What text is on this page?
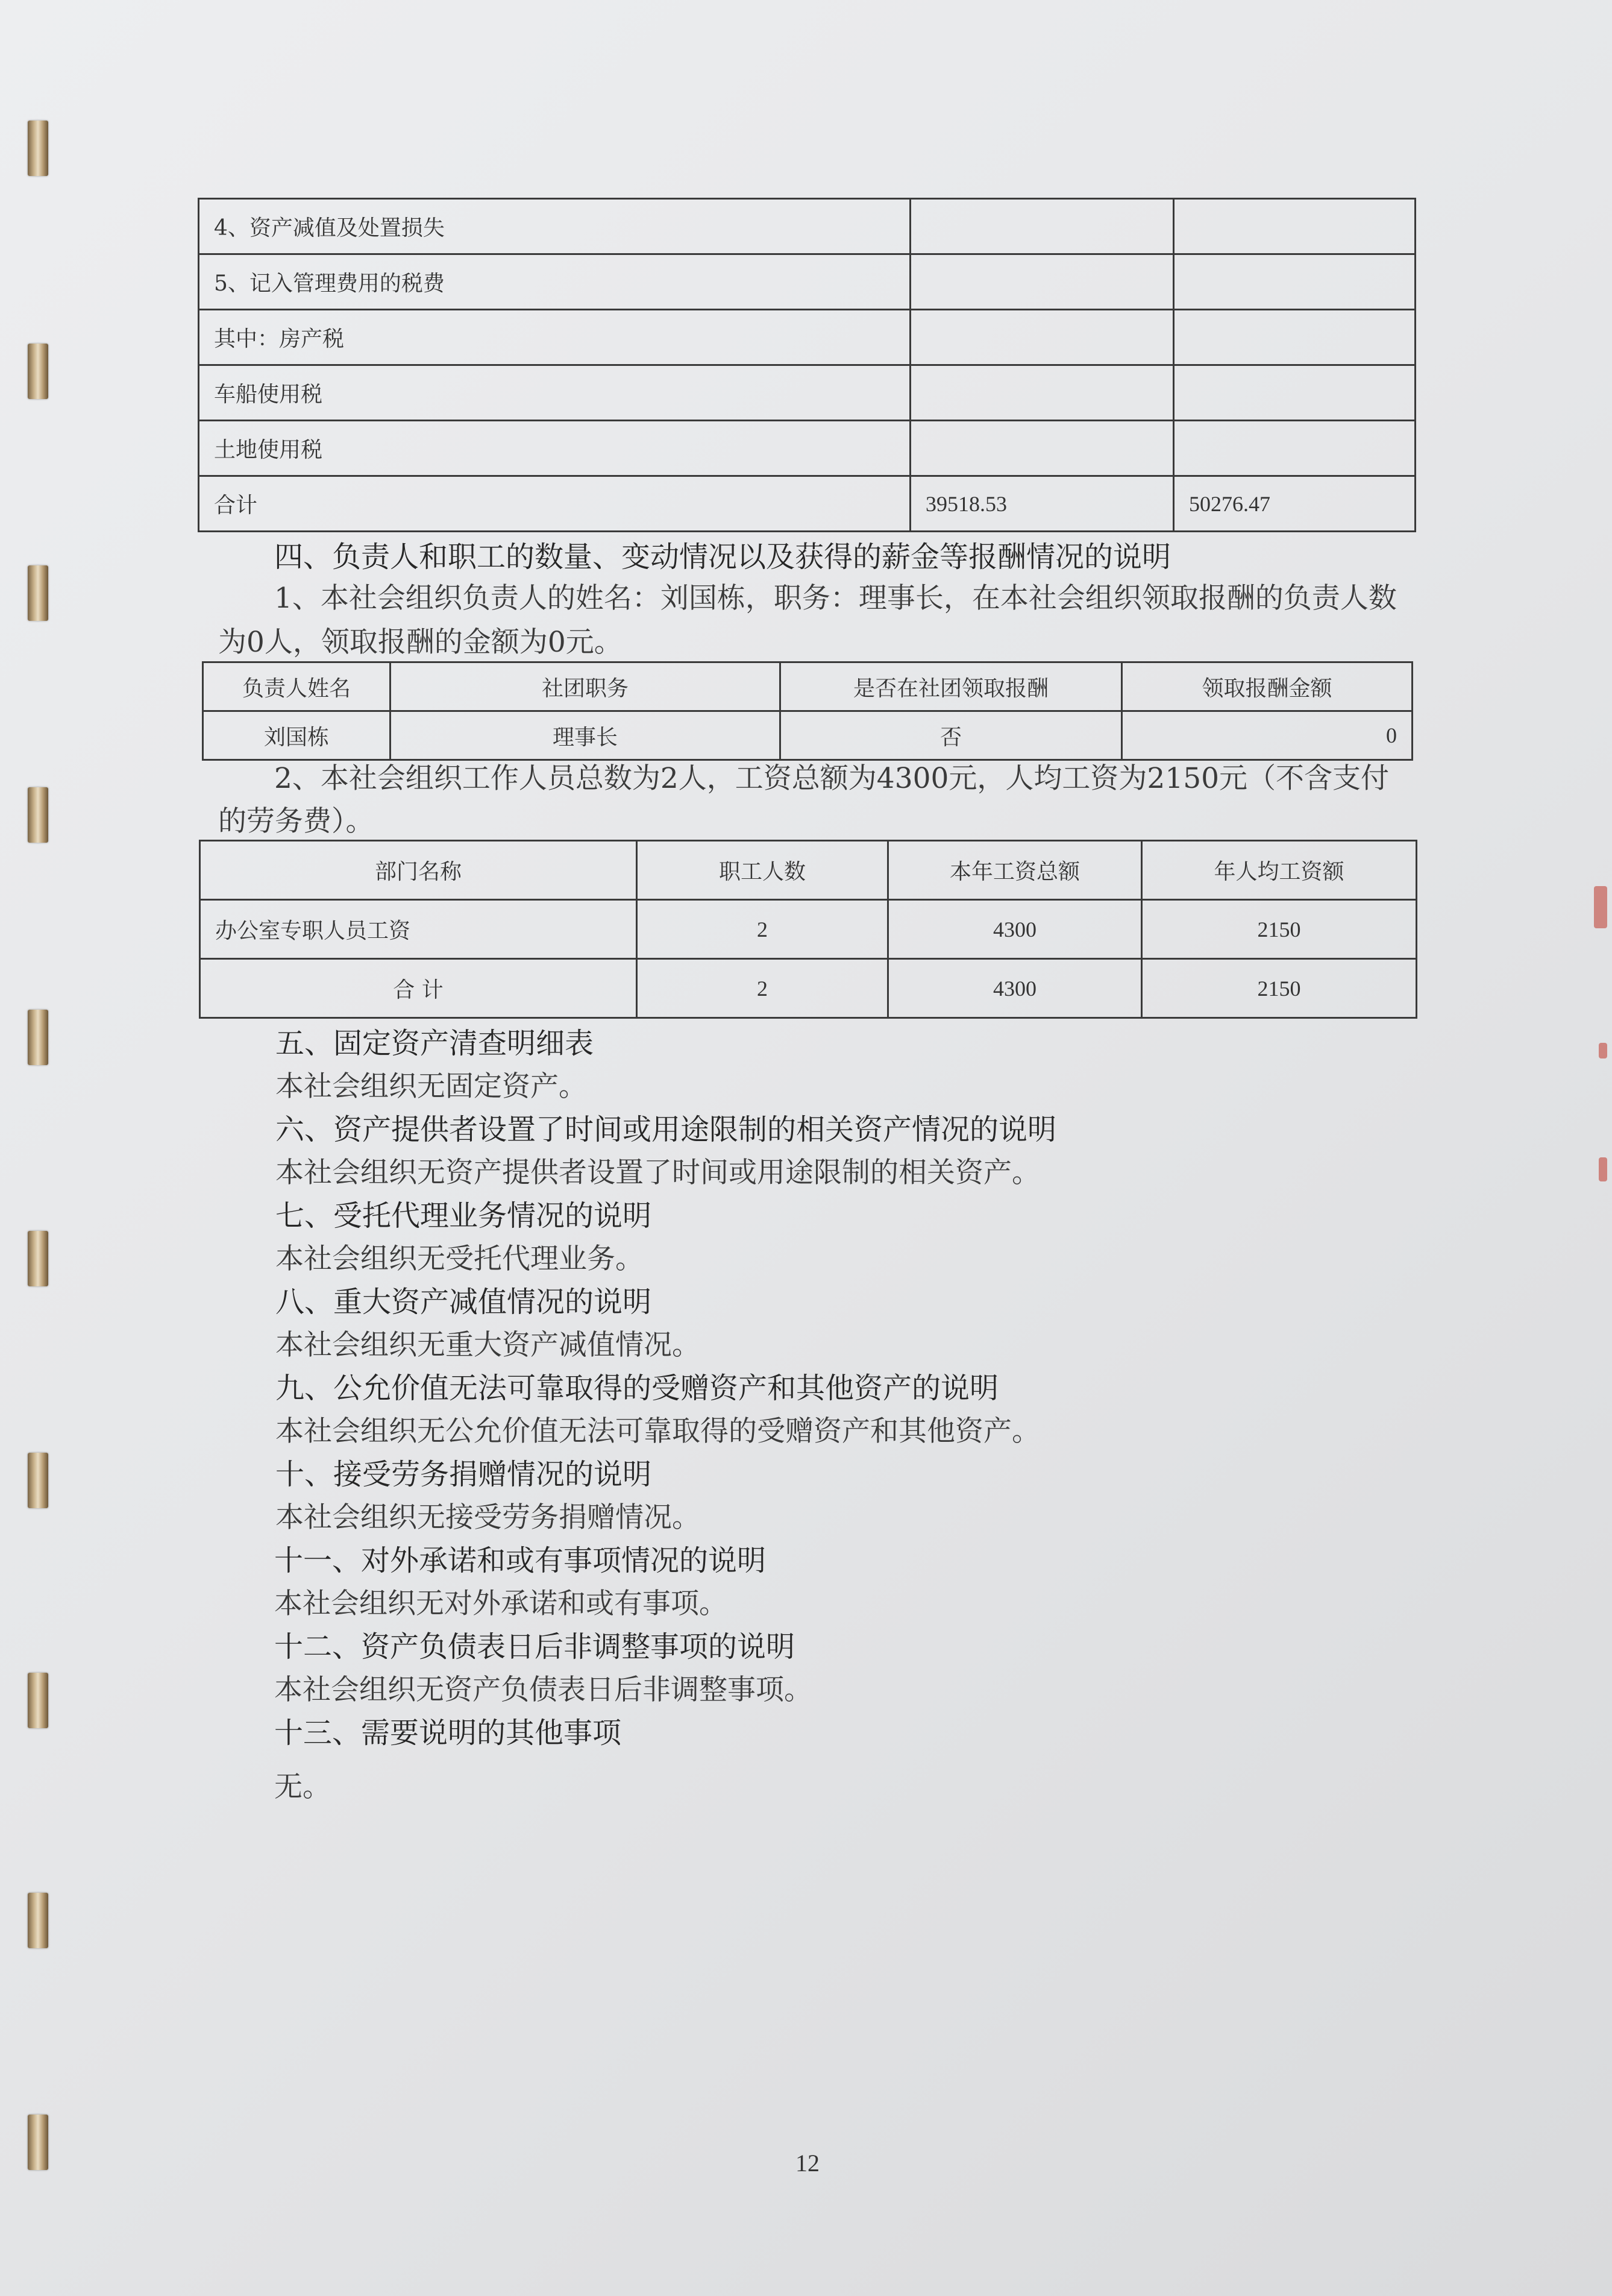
4、资产减值及处置损失		
5、记入管理费用的税费		
其中：房产税		
车船使用税		
土地使用税		
合计	39518.53	50276.47

四、负责人和职工的数量、变动情况以及获得的薪金等报酬情况的说明

1、本社会组织负责人的姓名：刘国栋，职务：理事长，在本社会组织领取报酬的负责人数

为0人，领取报酬的金额为0元。

负责人姓名	社团职务	是否在社团领取报酬	领取报酬金额
刘国栋	理事长	否	0

2、本社会组织工作人员总数为2人，工资总额为4300元，人均工资为2150元（不含支付

的劳务费）。

部门名称	职工人数	本年工资总额	年人均工资额
办公室专职人员工资	2	4300	2150
合 计	2	4300	2150

五、固定资产清查明细表

本社会组织无固定资产。

六、资产提供者设置了时间或用途限制的相关资产情况的说明

本社会组织无资产提供者设置了时间或用途限制的相关资产。

七、受托代理业务情况的说明

本社会组织无受托代理业务。

八、重大资产减值情况的说明

本社会组织无重大资产减值情况。

九、公允价值无法可靠取得的受赠资产和其他资产的说明

本社会组织无公允价值无法可靠取得的受赠资产和其他资产。

十、接受劳务捐赠情况的说明

本社会组织无接受劳务捐赠情况。

十一、对外承诺和或有事项情况的说明

本社会组织无对外承诺和或有事项。

十二、资产负债表日后非调整事项的说明

本社会组织无资产负债表日后非调整事项。

十三、需要说明的其他事项

无。

12
